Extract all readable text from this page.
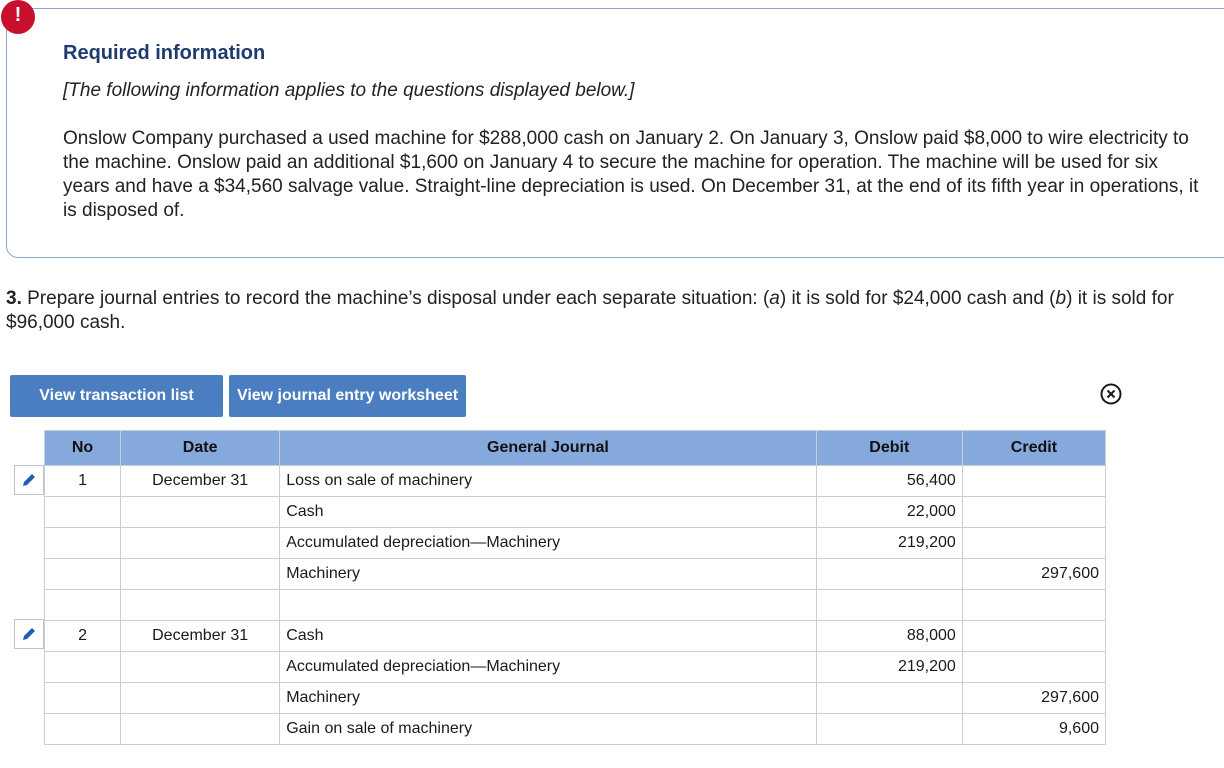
!
Required information
[The following information applies to the questions displayed below.]
Onslow Company purchased a used machine for $288,000 cash on January 2. On January 3, Onslow paid $8,000 to wire electricity to the machine. Onslow paid an additional $1,600 on January 4 to secure the machine for operation. The machine will be used for six years and have a $34,560 salvage value. Straight-line depreciation is used. On December 31, at the end of its fifth year in operations, it is disposed of.
3. Prepare journal entries to record the machine’s disposal under each separate situation: (a) it is sold for $24,000 cash and (b) it is sold for $96,000 cash.
View transaction list	View journal entry worksheet
No	Date	General Journal	Debit	Credit
1	December 31	Loss on sale of machinery	56,400	
		Cash	22,000	
		Accumulated depreciation—Machinery	219,200	
		Machinery		297,600

2	December 31	Cash	88,000	
		Accumulated depreciation—Machinery	219,200	
		Machinery		297,600
		Gain on sale of machinery		9,600
